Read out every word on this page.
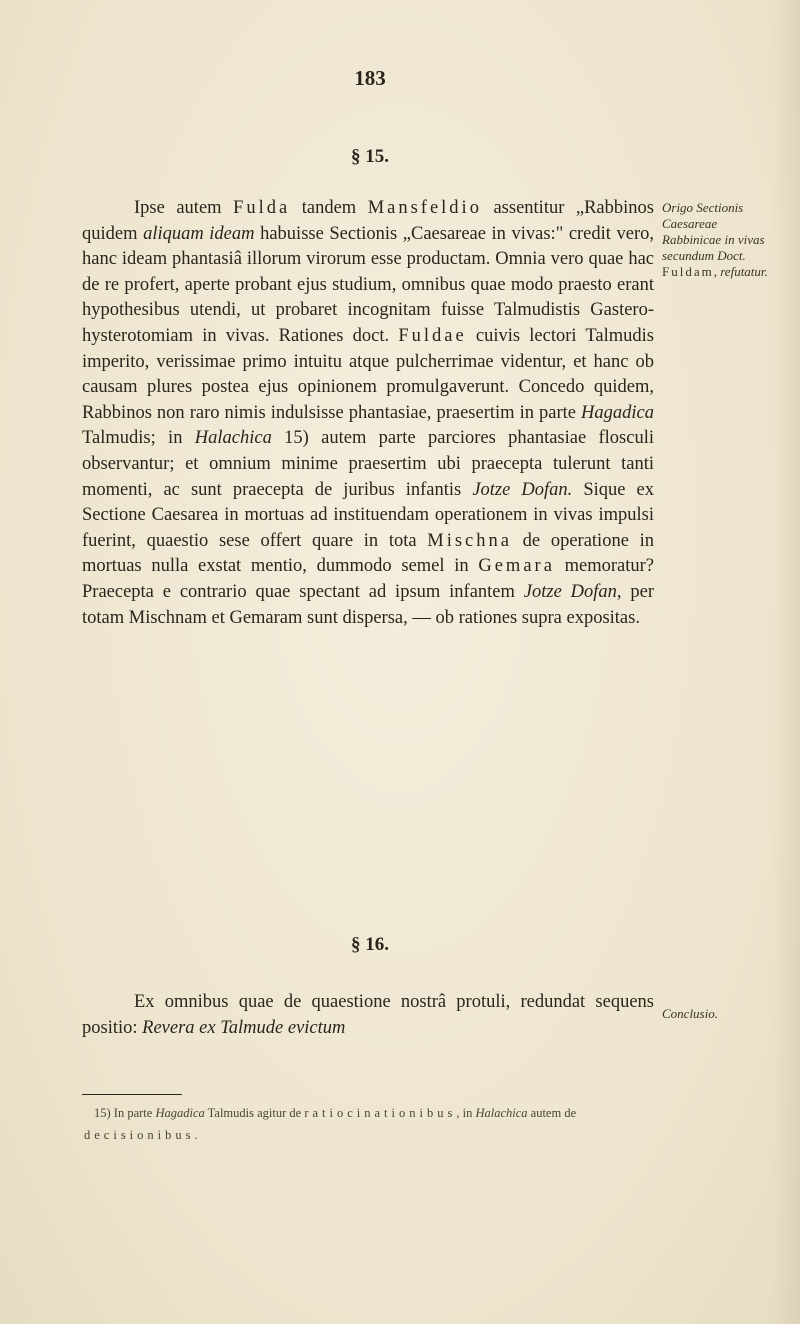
183
§ 15.

Ipse autem Fulda tandem Mansfeldio assentitur „Rabbinos quidem aliquam ideam habuisse Sectionis „Caesareae in vivas:" credit vero, hanc ideam phantasiâ illorum virorum esse productam. Omnia vero quae hac de re profert, aperte probant ejus studium, omnibus quae modo praesto erant hypothesibus utendi, ut probaret incognitam fuisse Talmudistis Gastero-hysterotomiam in vivas. Rationes doct. Fuldae cuivis lectori Talmudis imperito, verissimae primo intuitu atque pulcherrimae videntur, et hanc ob causam plures postea ejus opinionem promulgaverunt. Concedo quidem, Rabbinos non raro nimis indulsisse phantasiae, praesertim in parte Hagadica Talmudis; in Halachica 15) autem parte parciores phantasiae flosculi observantur; et omnium minime praesertim ubi praecepta tulerunt tanti momenti, ac sunt praecepta de juribus infantis Jotze Dofan. Sique ex Sectione Caesarea in mortuas ad instituendam operationem in vivas impulsi fuerint, quaestio sese offert quare in tota Mischna de operatione in mortuas nulla exstat mentio, dummodo semel in Gemara memoratur? Praecepta e contrario quae spectant ad ipsum infantem Jotze Dofan, per totam Mischnam et Gemaram sunt dispersa, — ob rationes supra expositas.

Origo Sectionis Caesareae Rabbinicae in vivas secundum Doct. Fuldam, refutatur.
§ 16.

Ex omnibus quae de quaestione nostrâ protuli, redundat sequens positio: Revera ex Talmude evictum

Conclusio.
15) In parte Hagadica Talmudis agitur de ratiocinationibus, in Halachica autem de decisionibus.
